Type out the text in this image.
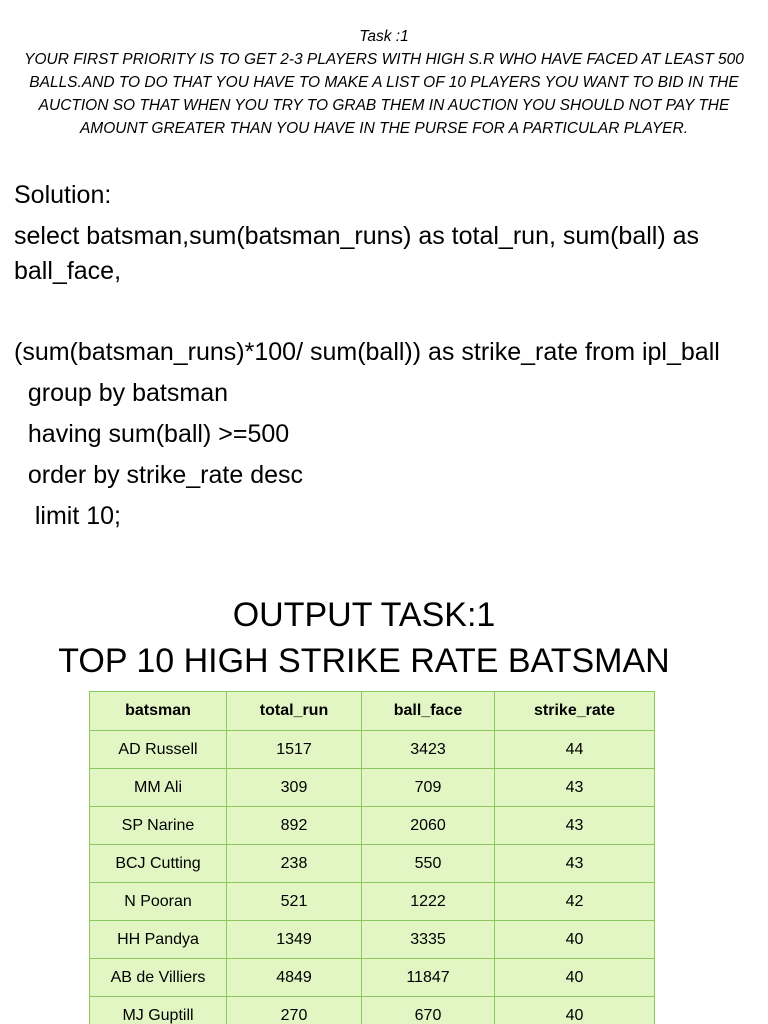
Task :1
YOUR FIRST PRIORITY IS TO GET 2-3 PLAYERS WITH HIGH S.R WHO HAVE FACED AT LEAST 500 BALLS.AND TO DO THAT YOU HAVE TO MAKE A LIST OF 10 PLAYERS YOU WANT TO BID IN THE AUCTION SO THAT WHEN YOU TRY TO GRAB THEM IN AUCTION YOU SHOULD NOT PAY THE AMOUNT GREATER THAN YOU HAVE IN THE PURSE FOR A PARTICULAR PLAYER.
Solution:
select batsman,sum(batsman_runs) as total_run, sum(ball) as ball_face,
(sum(batsman_runs)*100/ sum(ball)) as strike_rate from ipl_ball
group by batsman
having sum(ball) >=500
order by strike_rate desc
limit 10;
OUTPUT TASK:1
TOP 10 HIGH STRIKE RATE BATSMAN
batsman	total_run	ball_face	strike_rate
AD Russell	1517	3423	44
MM Ali	309	709	43
SP Narine	892	2060	43
BCJ Cutting	238	550	43
N Pooran	521	1222	42
HH Pandya	1349	3335	40
AB de Villiers	4849	11847	40
MJ Guptill	270	670	40
